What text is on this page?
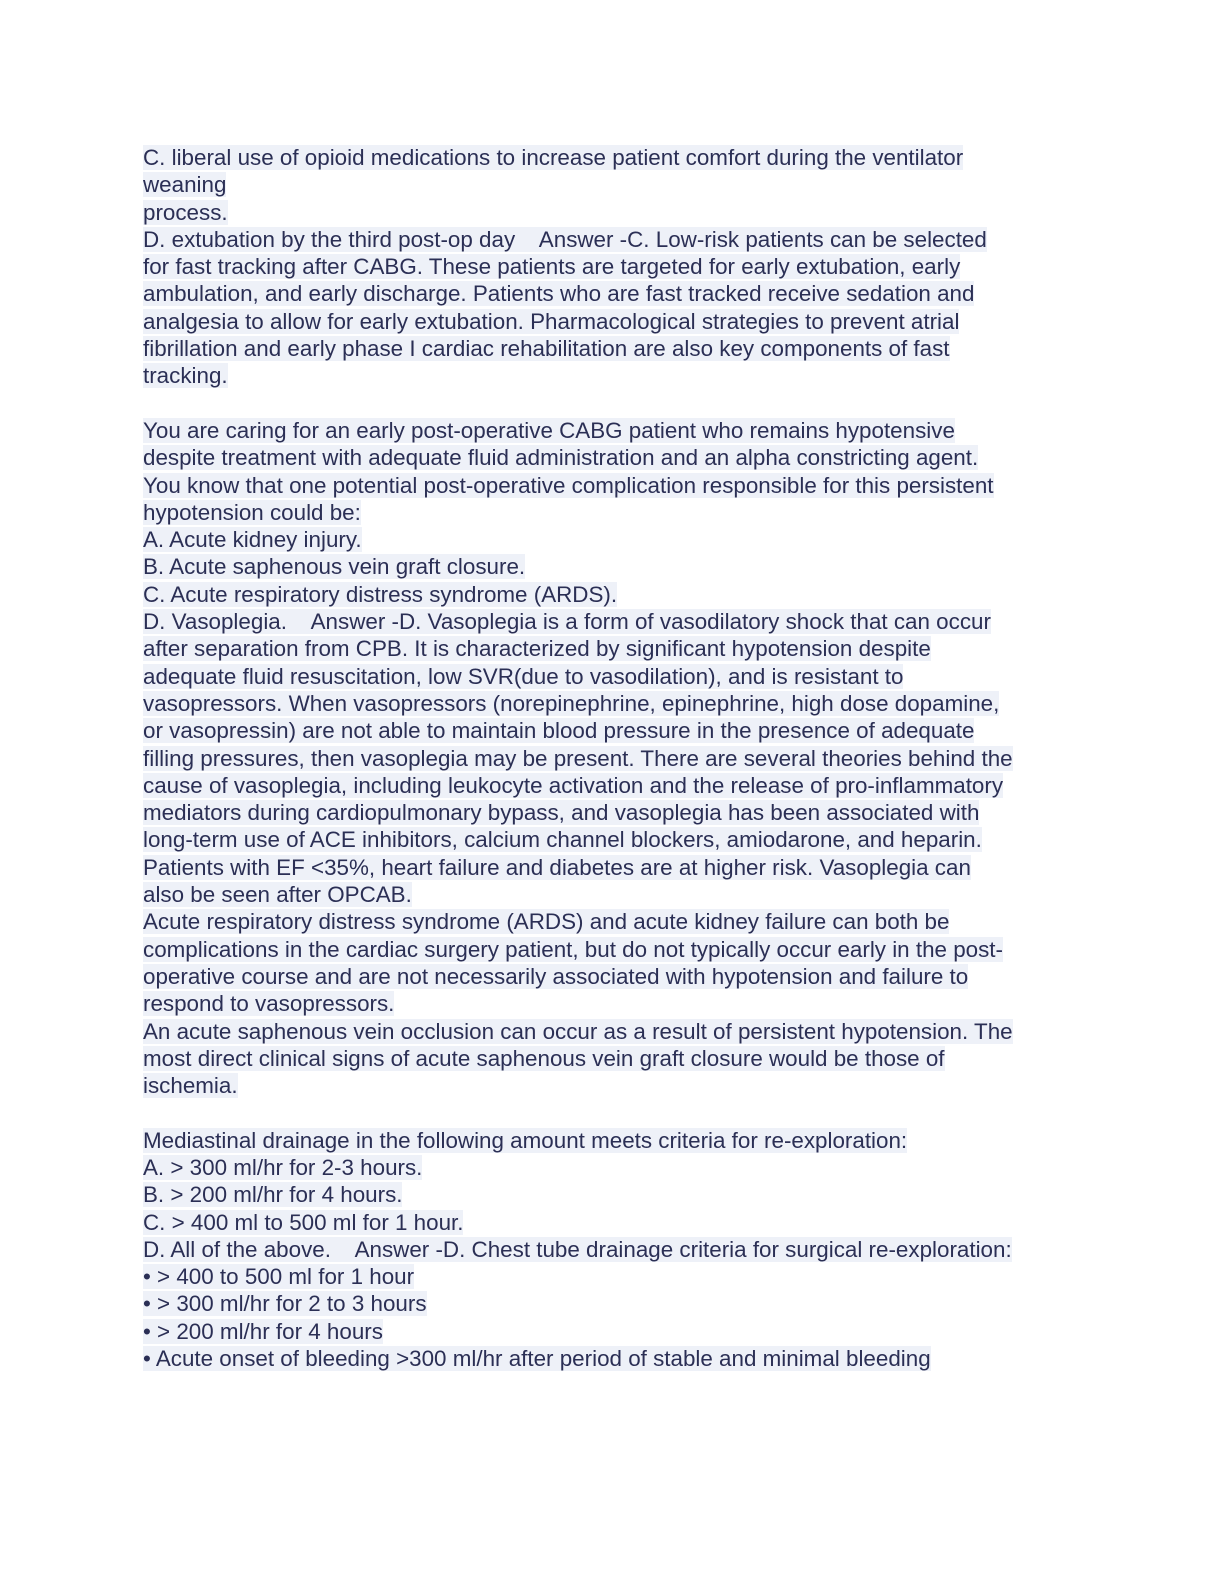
C. liberal use of opioid medications to increase patient comfort during the ventilator
weaning
process.
D. extubation by the third post-op day    Answer -C. Low-risk patients can be selected
for fast tracking after CABG. These patients are targeted for early extubation, early
ambulation, and early discharge. Patients who are fast tracked receive sedation and
analgesia to allow for early extubation. Pharmacological strategies to prevent atrial
fibrillation and early phase I cardiac rehabilitation are also key components of fast
tracking.
You are caring for an early post-operative CABG patient who remains hypotensive
despite treatment with adequate fluid administration and an alpha constricting agent.
You know that one potential post-operative complication responsible for this persistent
hypotension could be:
A. Acute kidney injury.
B. Acute saphenous vein graft closure.
C. Acute respiratory distress syndrome (ARDS).
D. Vasoplegia.    Answer -D. Vasoplegia is a form of vasodilatory shock that can occur
after separation from CPB. It is characterized by significant hypotension despite
adequate fluid resuscitation, low SVR(due to vasodilation), and is resistant to
vasopressors. When vasopressors (norepinephrine, epinephrine, high dose dopamine,
or vasopressin) are not able to maintain blood pressure in the presence of adequate
filling pressures, then vasoplegia may be present. There are several theories behind the
cause of vasoplegia, including leukocyte activation and the release of pro-inflammatory
mediators during cardiopulmonary bypass, and vasoplegia has been associated with
long-term use of ACE inhibitors, calcium channel blockers, amiodarone, and heparin.
Patients with EF <35%, heart failure and diabetes are at higher risk. Vasoplegia can
also be seen after OPCAB.
Acute respiratory distress syndrome (ARDS) and acute kidney failure can both be
complications in the cardiac surgery patient, but do not typically occur early in the post-
operative course and are not necessarily associated with hypotension and failure to
respond to vasopressors.
An acute saphenous vein occlusion can occur as a result of persistent hypotension. The
most direct clinical signs of acute saphenous vein graft closure would be those of
ischemia.
Mediastinal drainage in the following amount meets criteria for re-exploration:
A. > 300 ml/hr for 2-3 hours.
B. > 200 ml/hr for 4 hours.
C. > 400 ml to 500 ml for 1 hour.
D. All of the above.    Answer -D. Chest tube drainage criteria for surgical re-exploration:
• > 400 to 500 ml for 1 hour
• > 300 ml/hr for 2 to 3 hours
• > 200 ml/hr for 4 hours
• Acute onset of bleeding >300 ml/hr after period of stable and minimal bleeding
